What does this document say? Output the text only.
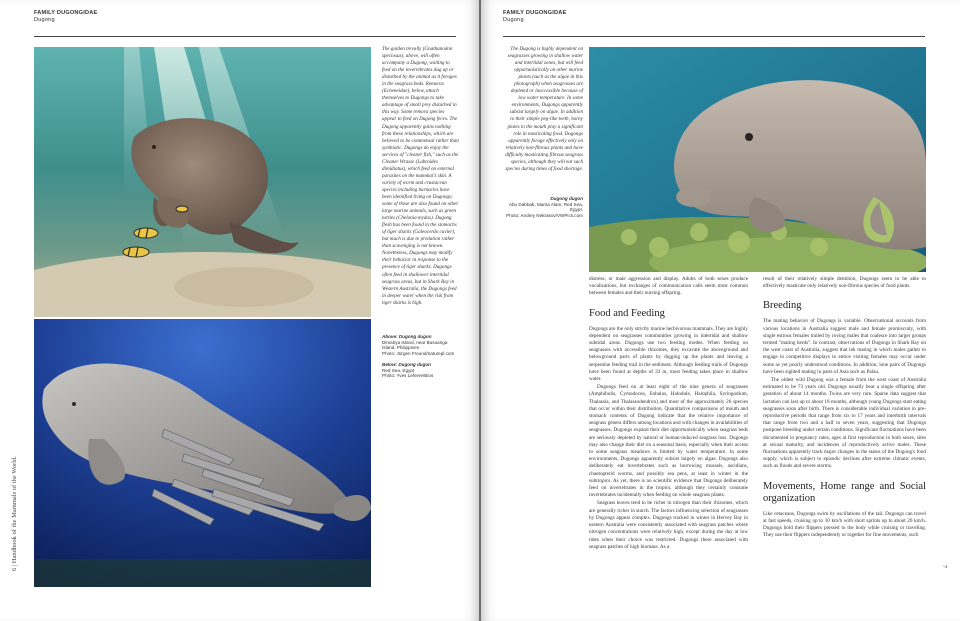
FAMILY DUGONGIDAE
Dugong
The golden trevally (Gnathanodon speciosus), above, will often accompany a Dugong, waiting to feed on the invertebrates dug up or disturbed by the animal as it forages in the seagrass beds. Remoras (Echeneidae), below, attach themselves to Dugongs to take advantage of small prey disturbed in this way. Some remora species appear to feed on Dugong feces. The Dugong apparently gains nothing from these relationships, which are believed to be commensal rather than symbiotic. Dugongs do enjoy the services of "cleaner fish," such as the Cleaner Wrasse (Labroides dimidiatus), which feed on external parasites on the mammal's skin. A variety of worm and crustacean species including barnacles have been identified living on Dugongs; some of these are also found on other large marine animals, such as green turtles (Chelonia mydas). Dugong flesh has been found in the stomachs of tiger sharks (Galeocerdo cuvier), but much is due to predation rather than scavenging is not known. Nonetheless, Dugongs may modify their behavior in response to the presence of tiger sharks. Dugongs often feed in shallower intertidal seagrass areas, but in Shark Bay in Western Australia, the Dugongs feed in deeper water when the risk from tiger sharks is high.
Above: Dugong dugon
Dimalrya Island, near Busuanga Island, Philippines
Photo: Jürgen Freund/naturepl.com
Below: Dugong dugon
Red Sea, Egypt
Photo: Yves Lefevre/Bios
6 | Handbook of the Mammals of the World.
FAMILY DUGONGIDAE
Dugong
The Dugong is highly dependent on seagrasses growing in shallow water and intertidal zones, but will feed opportunistically on other marine plants (such as the algae in this photograph) when seagrasses are depleted or inaccessible because of low water temperature. In some environments, Dugongs apparently subsist largely on algae. In addition to their simple peg-like teeth, horny plates in the mouth play a significant role in masticating food. Dugongs apparently forage effectively only on relatively non-fibrous plants and have difficulty masticating fibrous seagrass species, although they will eat such species during times of food shortage.
Dugong dugon
Abu Dabbab, Marsa Alam, Red Sea, Egypt.
Photo: Andrey Nekrasov/VWPics.com

distress, or male aggression and display. Adults of both sexes produce vocalizations, but exchanges of communication calls seem most common between females and their nursing offspring.

Food and Feeding

Dugongs are the only strictly marine herbivorous mammals. They are highly dependent on seagrasses communities growing in intertidal and shallow subtidal areas. Dugongs use two feeding modes. When feeding on seagrasses with accessible rhizomes, they excavate the aboveground and belowground parts of plants by digging up the plants and leaving a serpentine feeding trail in the sediment. Although feeding trails of Dugongs have been found at depths of 33 m, most feeding takes place in shallow water.

Dugongs feed on at least eight of the nine genera of seagrasses (Amphibolis, Cymodocea, Enhalus, Halodule, Halophila, Syringodium, Thalassia, and Thalassodendron) and most of the approximately 26 species that occur within their distribution. Quantitative comparisons of mouth and stomach contents of Dugong indicate that the relative importance of seagrass genera differs among locations and with changes in availabilities of seagrasses. Dugongs expand their diet opportunistically when seagrass beds are seriously depleted by natural or human-induced seagrass loss. Dugongs may also change their diet on a seasonal basis, especially when their access to some seagrass meadows is limited by water temperature. In some environments, Dugongs apparently subsist largely on algae. Dugongs also deliberately eat invertebrates such as burrowing mussels, ascidians, chaetopterid worms, and possibly sea pens, at least in winter in the subtropics. As yet, there is no scientific evidence that Dugongs deliberately feed on invertebrates in the tropics, although they certainly consume invertebrates incidentally when feeding on whole seagrass plants.

Seagrass leaves tend to be richer in nitrogen than their rhizomes, which are generally richer in starch. The factors influencing selection of seagrasses by Dugongs appear complex. Dugongs tracked in winter in Hervey Bay in eastern Australia were consistently associated with seagrass patches where nitrogen concentrations were relatively high, except during the day at low tides when their choice was restricted. Dugongs there associated with seagrass patches of high biomass. As a

result of their relatively simple dentition, Dugongs seem to be able to effectively masticate only relatively non-fibrous species of food plants.

Breeding

The mating behavior of Dugongs is variable. Observational accounts from various locations in Australia suggest male and female promiscuity, with single estrous females trailed by roving males that coalesce into larger groups termed "mating herds". In contrast, observations of Dugongs in Shark Bay on the west coast of Australia, suggest that lek mating in which males gather to engage in competitive displays to entice visiting females may occur under some as yet poorly understood conditions. In addition, lone pairs of Dugongs have been sighted mating in parts of Asia such as Palau.

The oldest wild Dugong was a female from the west coast of Australia estimated to be 73 years old. Dugongs usually bear a single offspring after gestation of about 14 months. Twins are very rare. Sparse data suggest that lactation can last up to about 18 months, although young Dugongs start eating seagrasses soon after birth. There is considerable individual variation in pre-reproductive periods that range from six to 17 years and interbirth intervals that range from two and a half to seven years, suggesting that Dugongs postpone breeding under certain conditions. Significant fluctuations have been documented in pregnancy rates, ages at first reproduction in both sexes, sites at sexual maturity, and incidences of reproductively active males. These fluctuations apparently track major changes in the status of the Dugong's food supply, which is subject to episodic declines after extreme climatic events, such as floods and severe storms.

Movements, Home range and Social organization

Like cetaceans, Dugongs swim by oscillations of the tail. Dugongs can travel at fast speeds, cruising up to 10 km/h with short sprints up to about 20 km/h. Dugongs hold their flippers pressed to the body while cruising or traveling. They use their flippers independently or together for fine movements, such

7
